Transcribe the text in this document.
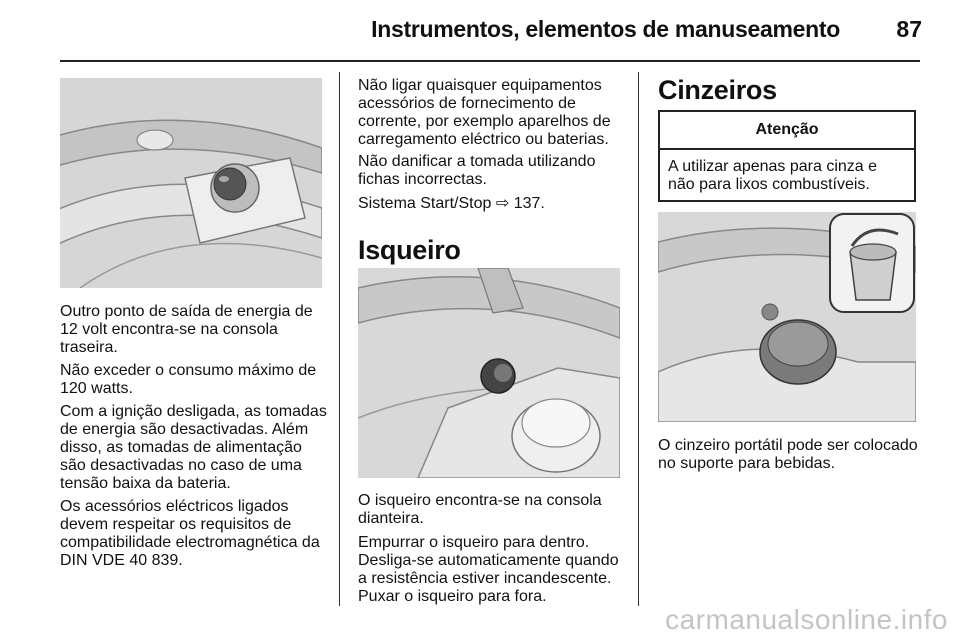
Instrumentos, elementos de manuseamento 87

Outro ponto de saída de energia de 12 volt encontra-se na consola traseira.

Não exceder o consumo máximo de 120 watts.

Com a ignição desligada, as tomadas de energia são desactivadas. Além disso, as tomadas de alimentação são desactivadas no caso de uma tensão baixa da bateria.

Os acessórios eléctricos ligados devem respeitar os requisitos de compatibilidade electromagnética da DIN VDE 40 839.

Não ligar quaisquer equipamentos acessórios de fornecimento de corrente, por exemplo aparelhos de carregamento eléctrico ou baterias.

Não danificar a tomada utilizando fichas incorrectas.

Sistema Start/Stop ⇨ 137.

Isqueiro

O isqueiro encontra-se na consola dianteira.

Empurrar o isqueiro para dentro. Desliga-se automaticamente quando a resistência estiver incandescente. Puxar o isqueiro para fora.

Cinzeiros
Atenção
A utilizar apenas para cinza e não para lixos combustíveis.

O cinzeiro portátil pode ser colocado no suporte para bebidas.

carmanualsonline.info
